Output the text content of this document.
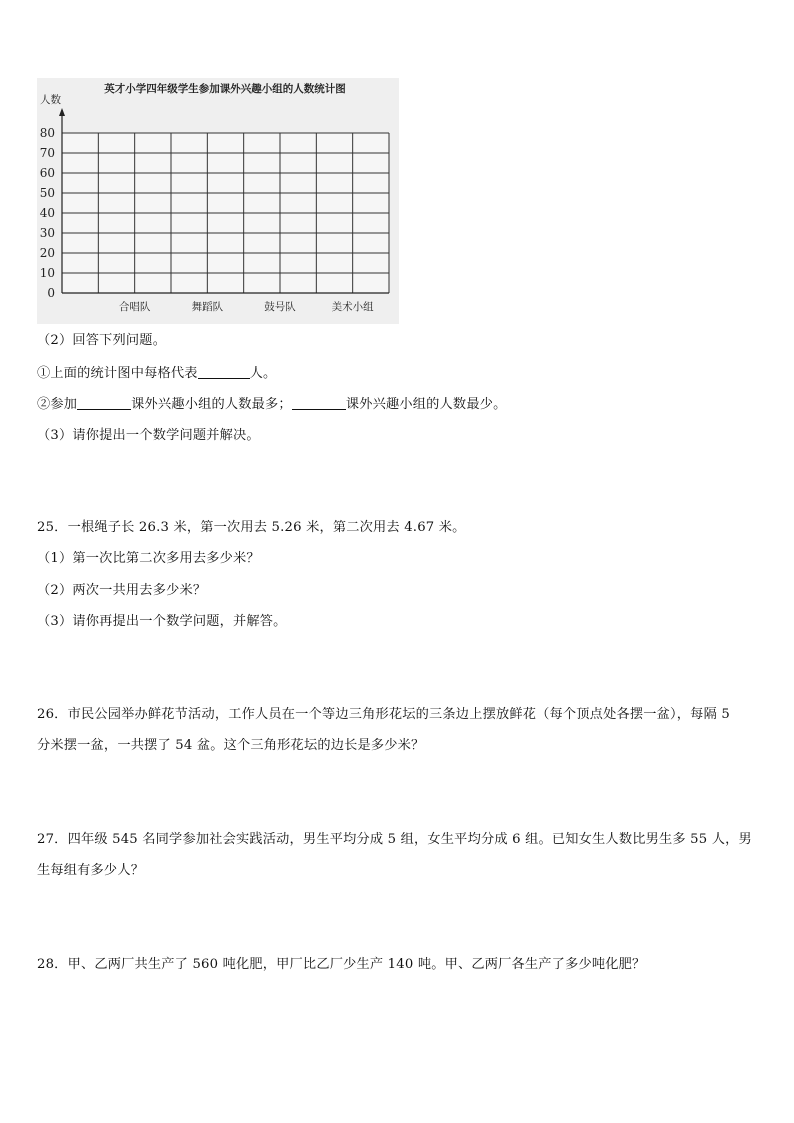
英才小学四年级学生参加课外兴趣小组的人数统计图
人数
0
10
20
30
40
50
60
70
80
合唱队	舞蹈队	鼓号队	美术小组
（2）回答下列问题。
①上面的统计图中每格代表	人。
②参加	课外兴趣小组的人数最多；	课外兴趣小组的人数最少。
（3）请你提出一个数学问题并解决。
25．一根绳子长 26.3 米，第一次用去 5.26 米，第二次用去 4.67 米。
（1）第一次比第二次多用去多少米？
（2）两次一共用去多少米？
（3）请你再提出一个数学问题，并解答。
26．市民公园举办鲜花节活动，工作人员在一个等边三角形花坛的三条边上摆放鲜花（每个顶点处各摆一盆），每隔 5
分米摆一盆，一共摆了 54 盆。这个三角形花坛的边长是多少米？
27．四年级 545 名同学参加社会实践活动，男生平均分成 5 组，女生平均分成 6 组。已知女生人数比男生多 55 人，男
生每组有多少人？
28．甲、乙两厂共生产了 560 吨化肥，甲厂比乙厂少生产 140 吨。甲、乙两厂各生产了多少吨化肥？
